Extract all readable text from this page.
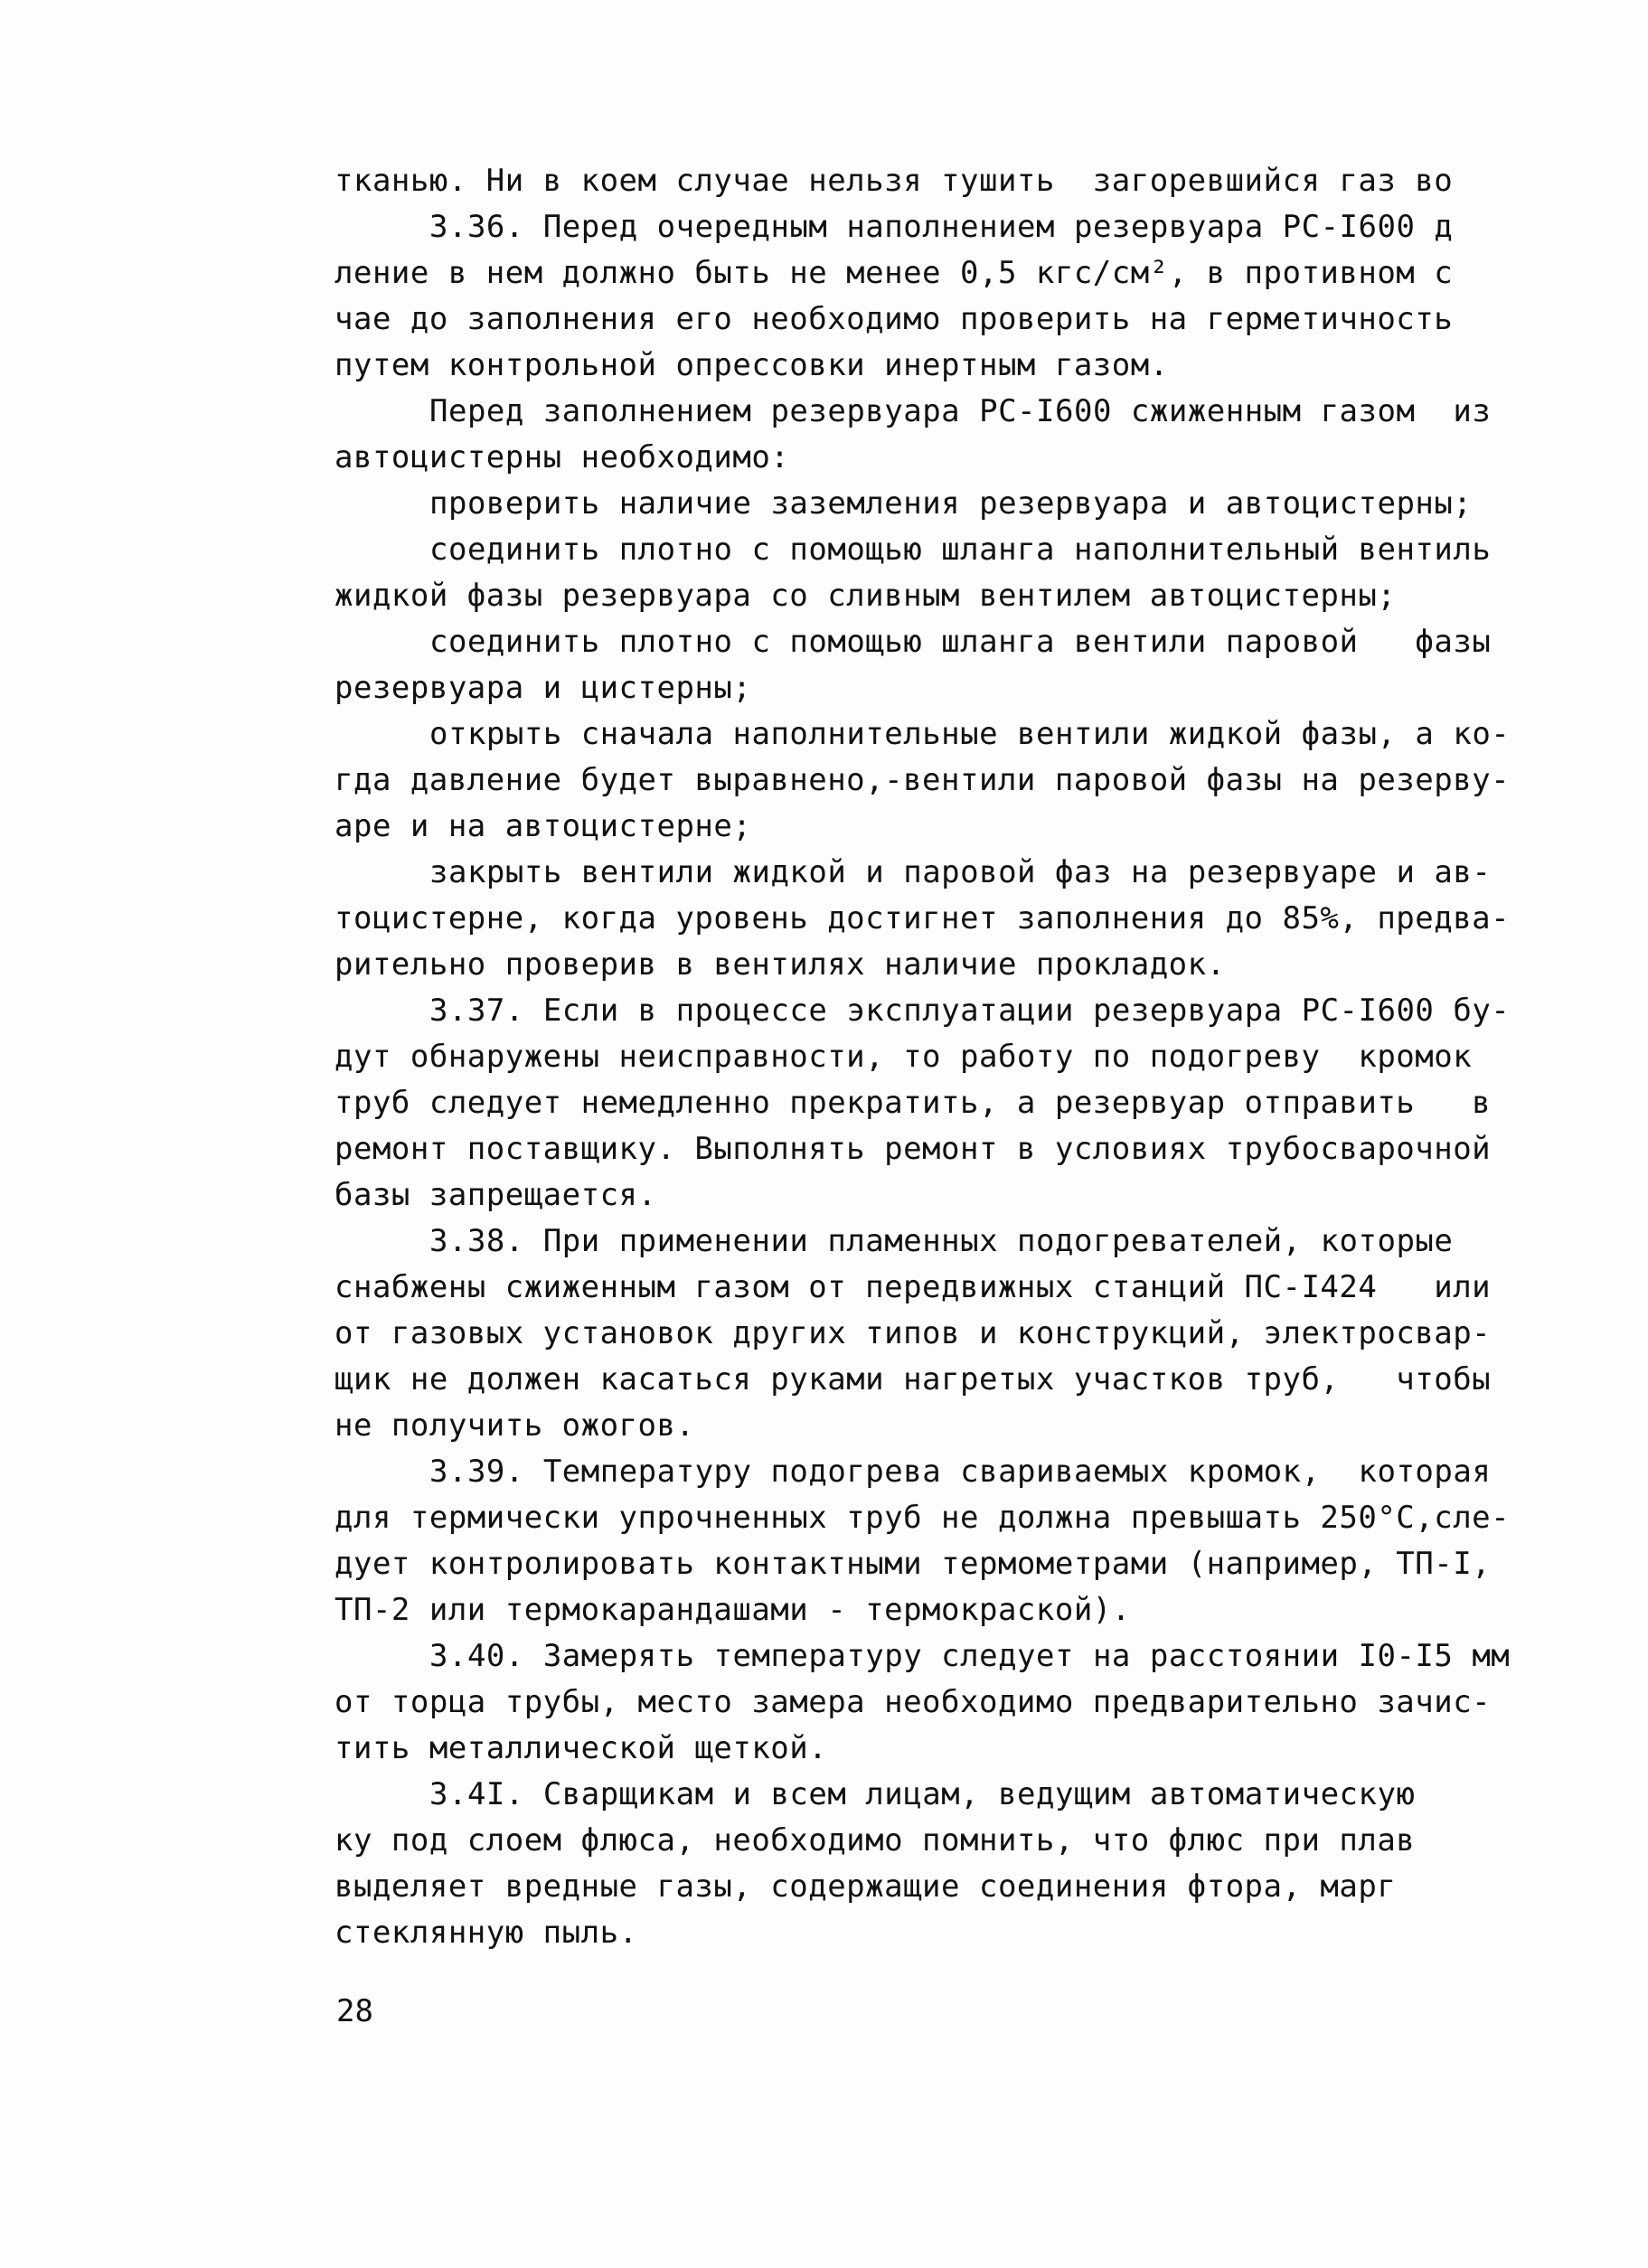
тканью. Ни в коем случае нельзя тушить  загоревшийся газ во
3.36. Перед очередным наполнением резервуара РС-I600 д
ление в нем должно быть не менее 0,5 кгс/см², в противном с
чае до заполнения его необходимо проверить на герметичность
путем контрольной опрессовки инертным газом.
Перед заполнением резервуара РС-I600 сжиженным газом  из
автоцистерны необходимо:
проверить наличие заземления резервуара и автоцистерны;
соединить плотно с помощью шланга наполнительный вентиль
жидкой фазы резервуара со сливным вентилем автоцистерны;
соединить плотно с помощью шланга вентили паровой   фазы
резервуара и цистерны;
открыть сначала наполнительные вентили жидкой фазы, а ко-
гда давление будет выравнено,-вентили паровой фазы на резерву-
аре и на автоцистерне;
закрыть вентили жидкой и паровой фаз на резервуаре и ав-
тоцистерне, когда уровень достигнет заполнения до 85%, предва-
рительно проверив в вентилях наличие прокладок.
3.37. Если в процессе эксплуатации резервуара РС-I600 бу-
дут обнаружены неисправности, то работу по подогреву  кромок
труб следует немедленно прекратить, а резервуар отправить   в
ремонт поставщику. Выполнять ремонт в условиях трубосварочной
базы запрещается.
3.38. При применении пламенных подогревателей, которые
снабжены сжиженным газом от передвижных станций ПС-I424   или
от газовых установок других типов и конструкций, электросвар-
щик не должен касаться руками нагретых участков труб,   чтобы
не получить ожогов.
3.39. Температуру подогрева свариваемых кромок,  которая
для термически упрочненных труб не должна превышать 250°С,сле-
дует контролировать контактными термометрами (например, ТП-I,
ТП-2 или термокарандашами - термокраской).
3.40. Замерять температуру следует на расстоянии I0-I5 мм
от торца трубы, место замера необходимо предварительно зачис-
тить металлической щеткой.
3.4I. Сварщикам и всем лицам, ведущим автоматическую
ку под слоем флюса, необходимо помнить, что флюс при плав
выделяет вредные газы, содержащие соединения фтора, марг
стеклянную пыль.
28
